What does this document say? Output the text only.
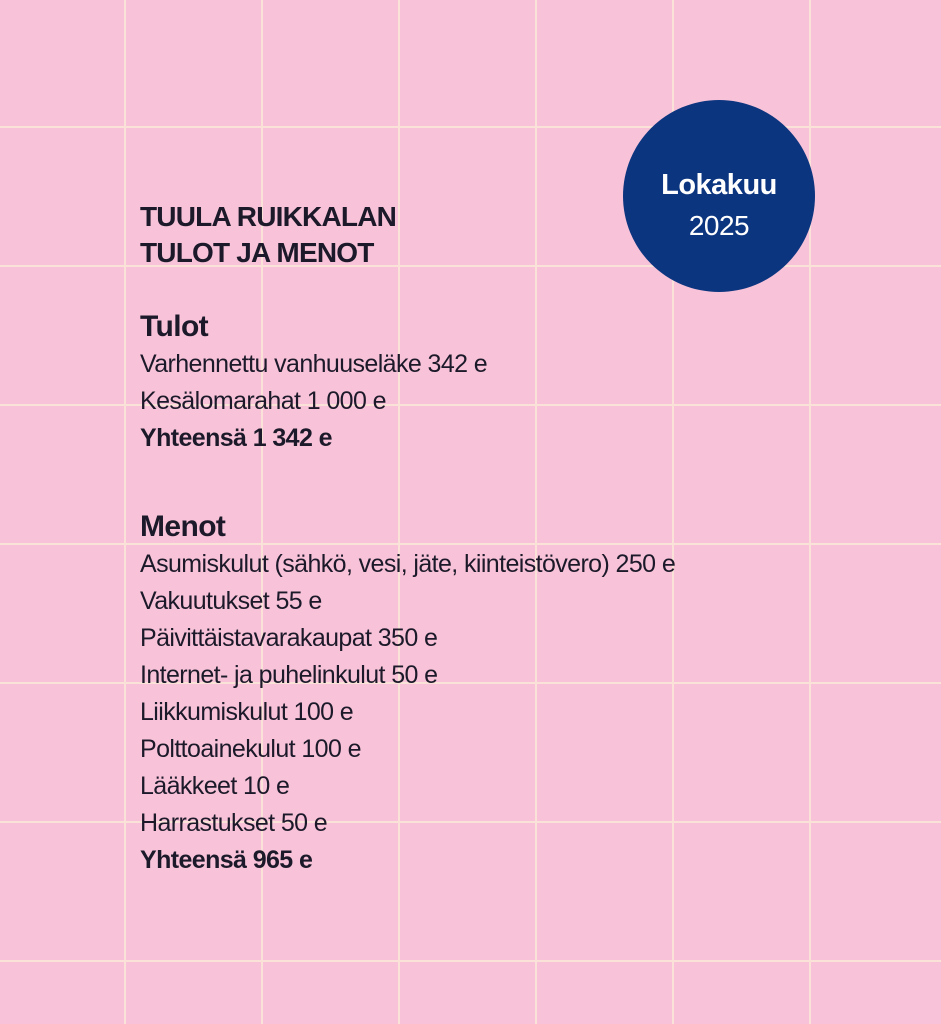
Lokakuu
2025
TUULA RUIKKALAN
TULOT JA MENOT
Tulot
Varhennettu vanhuuseläke 342 e
Kesälomarahat 1 000 e
Yhteensä 1 342 e
Menot
Asumiskulut (sähkö, vesi, jäte, kiinteistövero) 250 e
Vakuutukset 55 e
Päivittäistavarakaupat 350 e
Internet- ja puhelinkulut 50 e
Liikkumiskulut 100 e
Polttoainekulut 100 e
Lääkkeet 10 e
Harrastukset 50 e
Yhteensä 965 e
